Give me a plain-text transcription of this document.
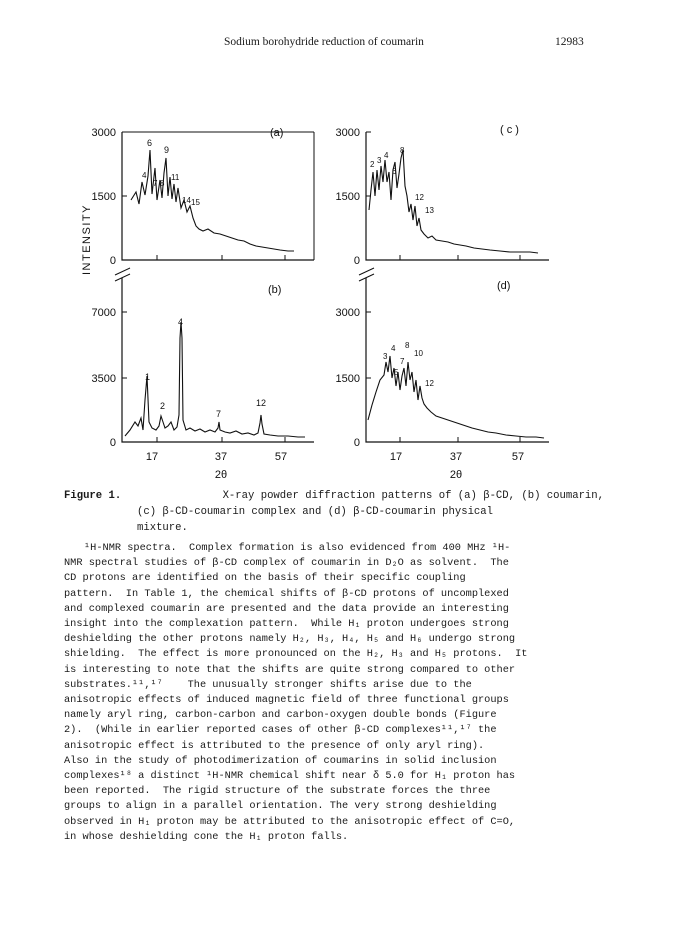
Sodium borohydride reduction of coumarin	12983
INTENSITY
3000
1500
0
(a)
6
9
4
7 8
11
14 15
7000
3500
0
(b)
4
1
2
7
12
17	37	57
2θ
3000
1500
0
( c )
2 3
4
6
8
12
13
3000
1500
0
(d)
4 8
3
7
10
5
12
17	37	57
2θ
Figure 1.	X-ray powder diffraction patterns of (a) β-CD, (b) coumarin,
(c) β-CD-coumarin complex and (d) β-CD-coumarin physical
mixture.
¹H-NMR spectra.  Complex formation is also evidenced from 400 MHz ¹H-
NMR spectral studies of β-CD complex of coumarin in D₂O as solvent.  The
CD protons are identified on the basis of their specific coupling
pattern.  In Table 1, the chemical shifts of β-CD protons of uncomplexed
and complexed coumarin are presented and the data provide an interesting
insight into the complexation pattern.  While H₁ proton undergoes strong
deshielding the other protons namely H₂, H₃, H₄, H₅ and H₆ undergo strong
shielding.  The effect is more pronounced on the H₂, H₃ and H₅ protons.  It
is interesting to note that the shifts are quite strong compared to other
substrates.¹¹,¹⁷    The unusually stronger shifts arise due to the
anisotropic effects of induced magnetic field of three functional groups
namely aryl ring, carbon-carbon and carbon-oxygen double bonds (Figure
2).  (While in earlier reported cases of other β-CD complexes¹¹,¹⁷ the
anisotropic effect is attributed to the presence of only aryl ring).
Also in the study of photodimerization of coumarins in solid inclusion
complexes¹⁸ a distinct ¹H-NMR chemical shift near δ 5.0 for H₁ proton has
been reported.  The rigid structure of the substrate forces the three
groups to align in a parallel orientation. The very strong deshielding
observed in H₁ proton may be attributed to the anisotropic effect of C=O,
in whose deshielding cone the H₁ proton falls.
